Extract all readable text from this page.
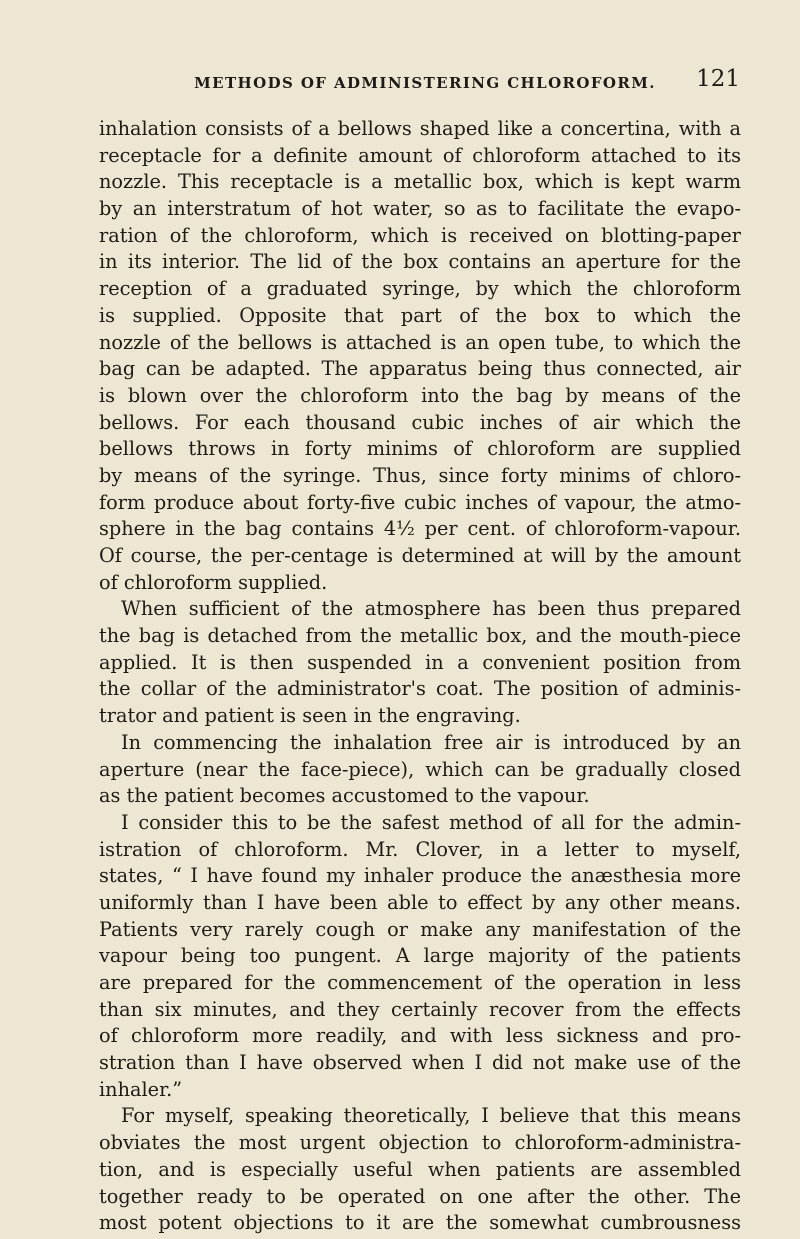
METHODS OF ADMINISTERING CHLOROFORM.	121
inhalation consists of a bellows shaped like a concertina, with a
receptacle for a definite amount of chloroform attached to its
nozzle. This receptacle is a metallic box, which is kept warm
by an interstratum of hot water, so as to facilitate the evapo-
ration of the chloroform, which is received on blotting-paper
in its interior. The lid of the box contains an aperture for the
reception of a graduated syringe, by which the chloroform
is supplied. Opposite that part of the box to which the
nozzle of the bellows is attached is an open tube, to which the
bag can be adapted. The apparatus being thus connected, air
is blown over the chloroform into the bag by means of the
bellows. For each thousand cubic inches of air which the
bellows throws in forty minims of chloroform are supplied
by means of the syringe. Thus, since forty minims of chloro-
form produce about forty-five cubic inches of vapour, the atmo-
sphere in the bag contains 4½ per cent. of chloroform-vapour.
Of course, the per-centage is determined at will by the amount
of chloroform supplied.
When sufficient of the atmosphere has been thus prepared
the bag is detached from the metallic box, and the mouth-piece
applied. It is then suspended in a convenient position from
the collar of the administrator's coat. The position of adminis-
trator and patient is seen in the engraving.
In commencing the inhalation free air is introduced by an
aperture (near the face-piece), which can be gradually closed
as the patient becomes accustomed to the vapour.
I consider this to be the safest method of all for the admin-
istration of chloroform. Mr. Clover, in a letter to myself,
states, “ I have found my inhaler produce the anæsthesia more
uniformly than I have been able to effect by any other means.
Patients very rarely cough or make any manifestation of the
vapour being too pungent. A large majority of the patients
are prepared for the commencement of the operation in less
than six minutes, and they certainly recover from the effects
of chloroform more readily, and with less sickness and pro-
stration than I have observed when I did not make use of the
inhaler.”
For myself, speaking theoretically, I believe that this means
obviates the most urgent objection to chloroform-administra-
tion, and is especially useful when patients are assembled
together ready to be operated on one after the other. The
most potent objections to it are the somewhat cumbrousness
